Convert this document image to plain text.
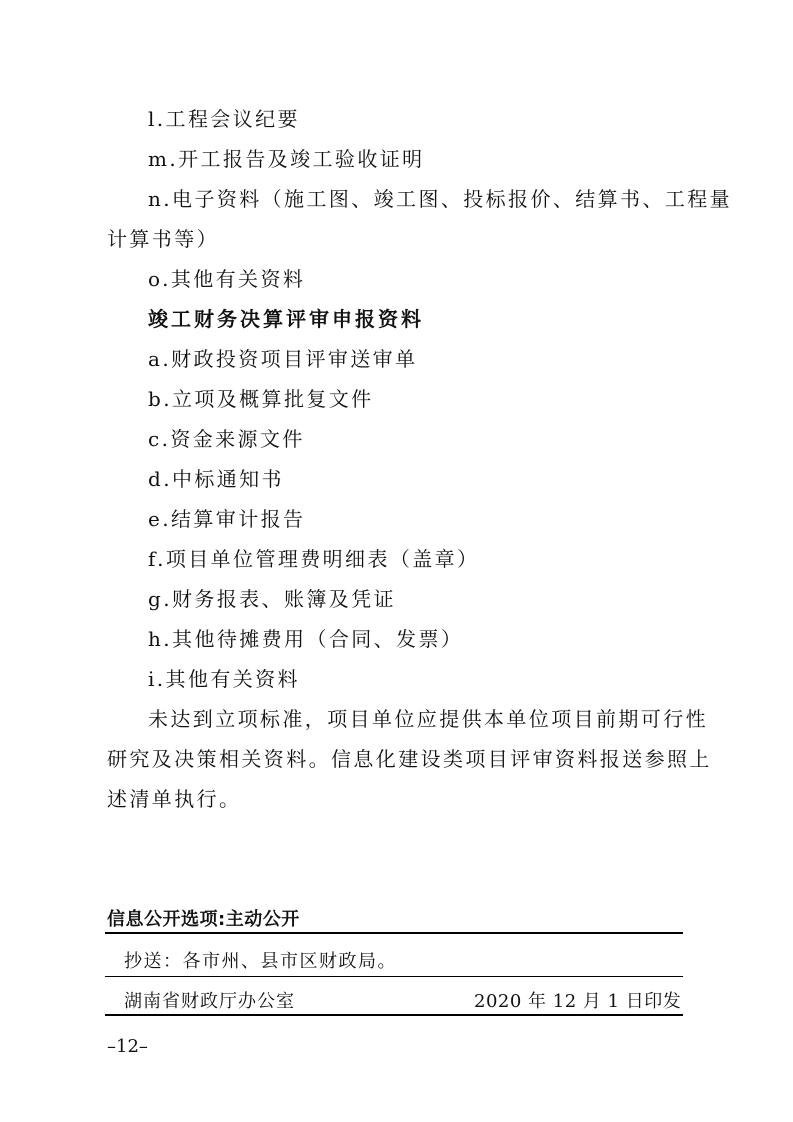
l.工程会议纪要
m.开工报告及竣工验收证明
n.电子资料（施工图、竣工图、投标报价、结算书、工程量
计算书等）
o.其他有关资料
竣工财务决算评审申报资料
a.财政投资项目评审送审单
b.立项及概算批复文件
c.资金来源文件
d.中标通知书
e.结算审计报告
f.项目单位管理费明细表（盖章）
g.财务报表、账簿及凭证
h.其他待摊费用（合同、发票）
i.其他有关资料
未达到立项标准，项目单位应提供本单位项目前期可行性
研究及决策相关资料。信息化建设类项目评审资料报送参照上
述清单执行。
信息公开选项:主动公开
抄送：各市州、县市区财政局。
湖南省财政厅办公室	2020 年 12 月 1 日印发
–12–
